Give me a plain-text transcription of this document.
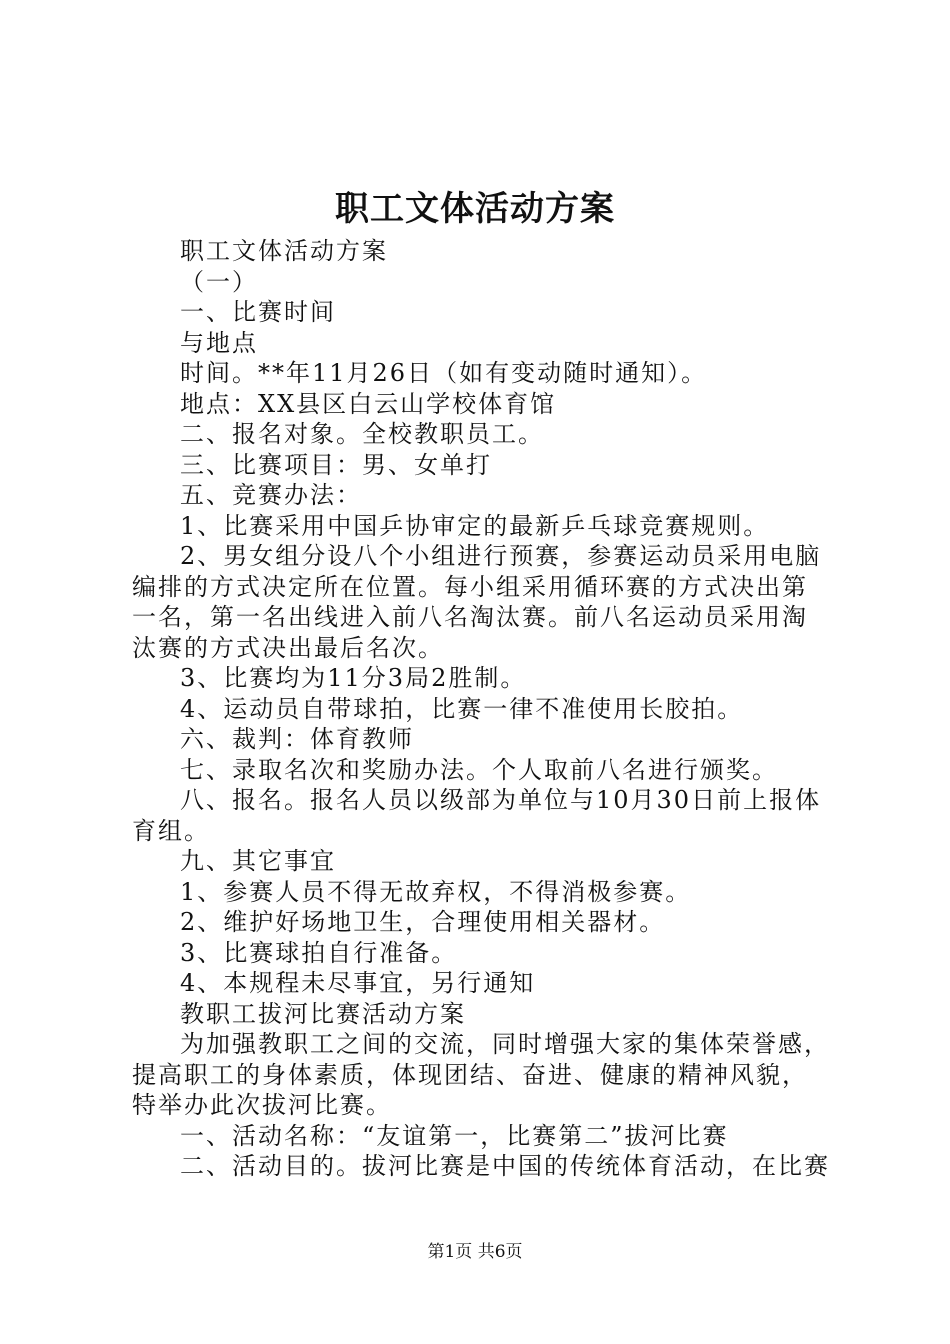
职工文体活动方案

职工文体活动方案

（一）

一、比赛时间

与地点

时间。**年11月26日（如有变动随时通知）。

地点：XX县区白云山学校体育馆

二、报名对象。全校教职员工。

三、比赛项目：男、女单打

五、竞赛办法：

1、比赛采用中国乒协审定的最新乒乓球竞赛规则。

2、男女组分设八个小组进行预赛，参赛运动员采用电脑编排的方式决定所在位置。每小组采用循环赛的方式决出第一名，第一名出线进入前八名淘汰赛。前八名运动员采用淘汰赛的方式决出最后名次。

3、比赛均为11分3局2胜制。

4、运动员自带球拍，比赛一律不准使用长胶拍。

六、裁判：体育教师

七、录取名次和奖励办法。个人取前八名进行颁奖。

八、报名。报名人员以级部为单位与10月30日前上报体育组。

九、其它事宜

1、参赛人员不得无故弃权，不得消极参赛。

2、维护好场地卫生，合理使用相关器材。

3、比赛球拍自行准备。

4、本规程未尽事宜，另行通知

教职工拔河比赛活动方案

为加强教职工之间的交流，同时增强大家的集体荣誉感，提高职工的身体素质，体现团结、奋进、健康的精神风貌，特举办此次拔河比赛。

一、活动名称：“友谊第一，比赛第二”拔河比赛

二、活动目的。拔河比赛是中国的传统体育活动，在比赛

第1页 共6页
